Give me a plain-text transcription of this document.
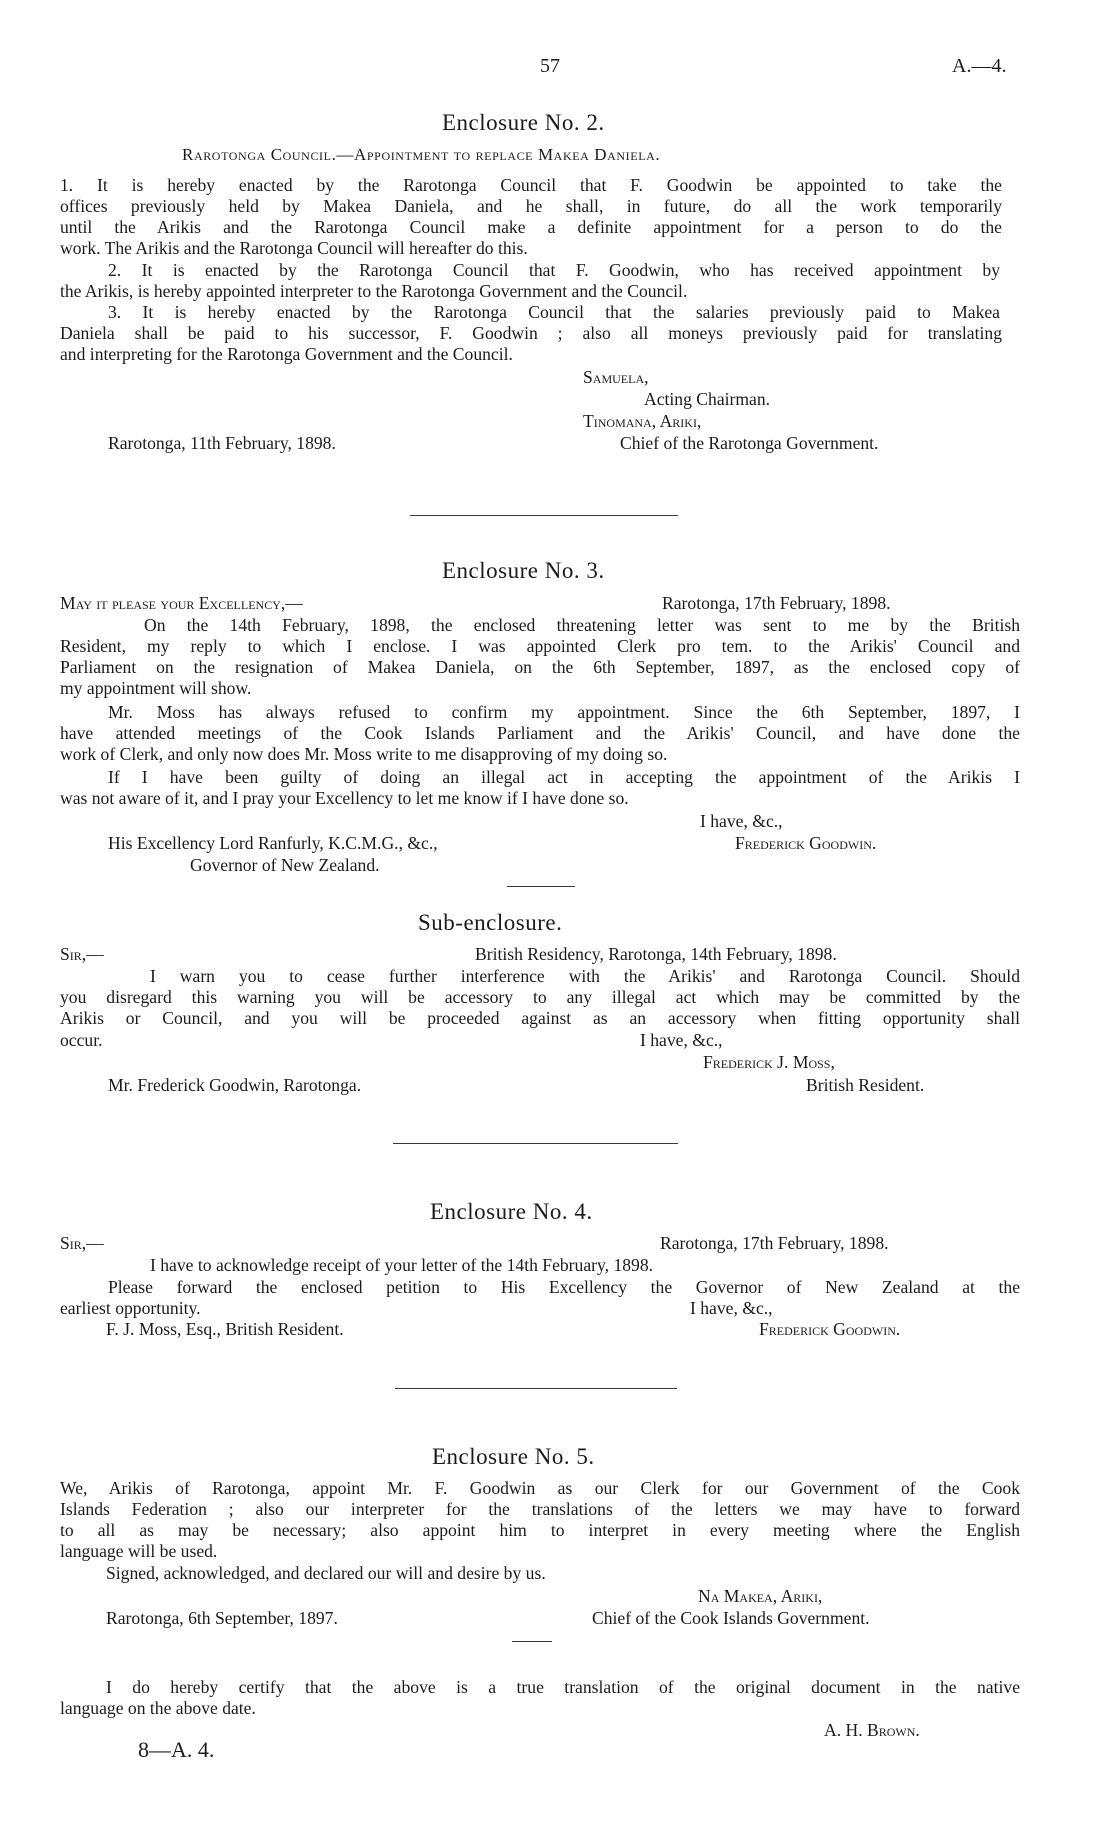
57	A.—4.
Enclosure No. 2.
Rarotonga Council.—Appointment to replace Makea Daniela.
1. It is hereby enacted by the Rarotonga Council that F. Goodwin be appointed to take the
offices previously held by Makea Daniela, and he shall, in future, do all the work temporarily
until the Arikis and the Rarotonga Council make a definite appointment for a person to do the
work. The Arikis and the Rarotonga Council will hereafter do this.
2. It is enacted by the Rarotonga Council that F. Goodwin, who has received appointment by
the Arikis, is hereby appointed interpreter to the Rarotonga Government and the Council.
3. It is hereby enacted by the Rarotonga Council that the salaries previously paid to Makea
Daniela shall be paid to his successor, F. Goodwin ; also all moneys previously paid for translating
and interpreting for the Rarotonga Government and the Council.
Samuela,
Acting Chairman.
Tinomana, Ariki,
Rarotonga, 11th February, 1898.	Chief of the Rarotonga Government.
Enclosure No. 3.
May it please your Excellency,—	Rarotonga, 17th February, 1898.
On the 14th February, 1898, the enclosed threatening letter was sent to me by the British
Resident, my reply to which I enclose. I was appointed Clerk pro tem. to the Arikis' Council and
Parliament on the resignation of Makea Daniela, on the 6th September, 1897, as the enclosed copy of
my appointment will show.
Mr. Moss has always refused to confirm my appointment. Since the 6th September, 1897, I
have attended meetings of the Cook Islands Parliament and the Arikis' Council, and have done the
work of Clerk, and only now does Mr. Moss write to me disapproving of my doing so.
If I have been guilty of doing an illegal act in accepting the appointment of the Arikis I
was not aware of it, and I pray your Excellency to let me know if I have done so.
I have, &c.,
His Excellency Lord Ranfurly, K.C.M.G., &c.,	Frederick Goodwin.
Governor of New Zealand.
Sub-enclosure.
Sir,—	British Residency, Rarotonga, 14th February, 1898.
I warn you to cease further interference with the Arikis' and Rarotonga Council. Should
you disregard this warning you will be accessory to any illegal act which may be committed by the
Arikis or Council, and you will be proceeded against as an accessory when fitting opportunity shall
occur.	I have, &c.,
Frederick J. Moss,
Mr. Frederick Goodwin, Rarotonga.	British Resident.
Enclosure No. 4.
Sir,—	Rarotonga, 17th February, 1898.
I have to acknowledge receipt of your letter of the 14th February, 1898.
Please forward the enclosed petition to His Excellency the Governor of New Zealand at the
earliest opportunity.	I have, &c.,
F. J. Moss, Esq., British Resident.	Frederick Goodwin.
Enclosure No. 5.
We, Arikis of Rarotonga, appoint Mr. F. Goodwin as our Clerk for our Government of the Cook
Islands Federation ; also our interpreter for the translations of the letters we may have to forward
to all as may be necessary; also appoint him to interpret in every meeting where the English
language will be used.
Signed, acknowledged, and declared our will and desire by us.
Na Makea, Ariki,
Rarotonga, 6th September, 1897.	Chief of the Cook Islands Government.
I do hereby certify that the above is a true translation of the original document in the native
language on the above date.
A. H. Brown.
8—A. 4.
